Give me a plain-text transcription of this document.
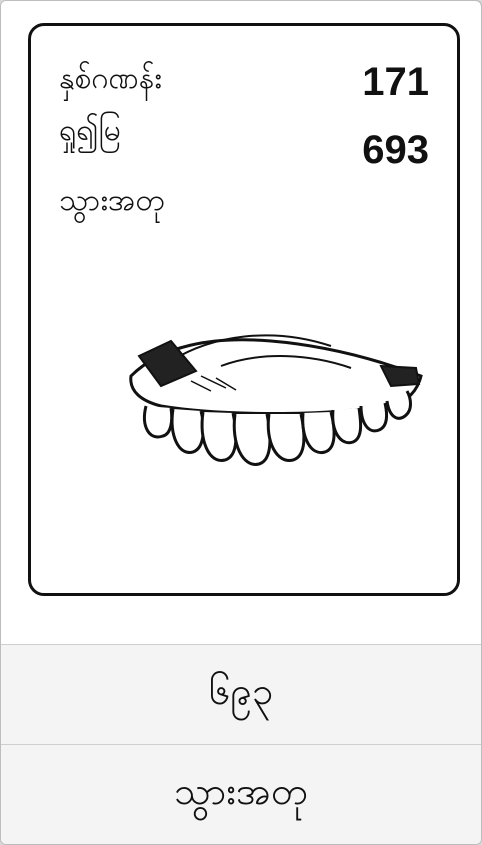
နှစ်ဂဏန်း	171
ရှု၍မြ	693
သွားအတု
၆၉၃
သွားအတု
